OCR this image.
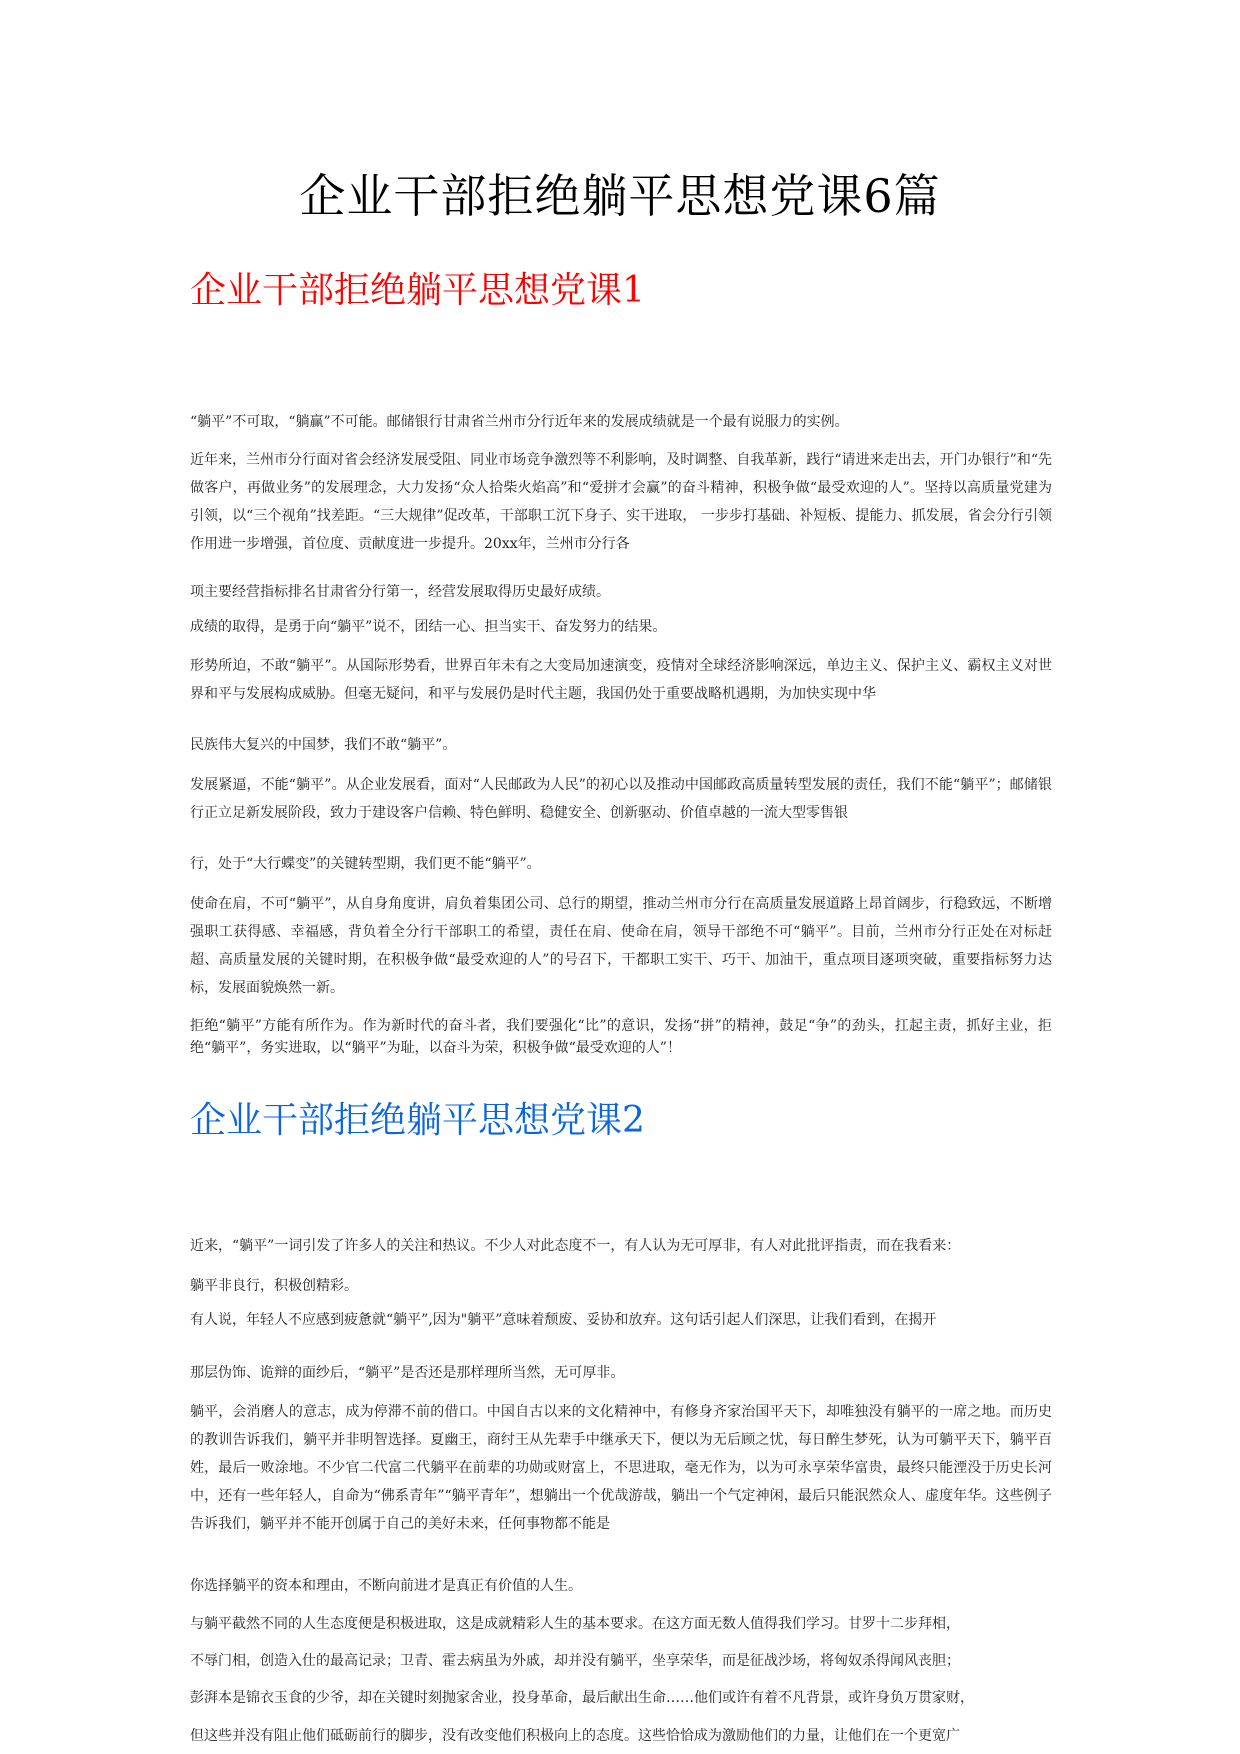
企业干部拒绝躺平思想党课6篇
企业干部拒绝躺平思想党课1

“躺平”不可取，“躺赢”不可能。邮储银行甘肃省兰州市分行近年来的发展成绩就是一个最有说服力的实例。

近年来，兰州市分行面对省会经济发展受阻、同业市场竞争激烈等不利影响，及时调整、自我革新，践行“请进来走出去，开门办银行”和“先做客户，再做业务”的发展理念，大力发扬“众人拾柴火焰高”和“爱拼才会赢”的奋斗精神，积极争做“最受欢迎的人”。坚持以高质量党建为引领，以“三个视角”找差距。“三大规律”促改革，干部职工沉下身子、实干进取， 一步步打基础、补短板、提能力、抓发展，省会分行引领作用进一步增强，首位度、贡献度进一步提升。20xx年，兰州市分行各

项主要经营指标排名甘肃省分行第一，经营发展取得历史最好成绩。

成绩的取得，是勇于向“躺平”说不，团结一心、担当实干、奋发努力的结果。

形势所迫，不敢“躺平”。从国际形势看，世界百年未有之大变局加速演变，疫情对全球经济影响深远，单边主义、保护主义、霸权主义对世界和平与发展构成威胁。但毫无疑问，和平与发展仍是时代主题，我国仍处于重要战略机遇期，为加快实现中华

民族伟大复兴的中国梦，我们不敢“躺平”。

发展紧逼，不能“躺平”。从企业发展看，面对“人民邮政为人民”的初心以及推动中国邮政高质量转型发展的责任，我们不能“躺平”；邮储银行正立足新发展阶段，致力于建设客户信赖、特色鲜明、稳健安全、创新驱动、价值卓越的一流大型零售银

行，处于“大行蝶变”的关键转型期，我们更不能“躺平”。

使命在肩，不可“躺平”，从自身角度讲，肩负着集团公司、总行的期望，推动兰州市分行在高质量发展道路上昂首阔步，行稳致远，不断增强职工获得感、幸福感，背负着全分行干部职工的希望，责任在肩、使命在肩，领导干部绝不可“躺平”。目前，兰州市分行正处在对标赶超、高质量发展的关键时期，在积极争做“最受欢迎的人”的号召下，干都职工实干、巧干、加油干，重点项目逐项突破，重要指标努力达标，发展面貌焕然一新。

拒绝“躺平”方能有所作为。作为新时代的奋斗者，我们要强化“比”的意识，发扬“拼”的精神，鼓足“争”的劲头，扛起主责，抓好主业，拒绝“躺平”，务实进取，以“躺平”为耻，以奋斗为荣，积极争做“最受欢迎的人”！

企业干部拒绝躺平思想党课2

近来，“躺平”一词引发了许多人的关注和热议。不少人对此态度不一，有人认为无可厚非，有人对此批评指责，而在我看来：

躺平非良行，积极创精彩。

有人说，年轻人不应感到疲惫就“躺平”,因为"躺平”意味着颓废、妥协和放弃。这句话引起人们深思，让我们看到，在揭开

那层伪饰、诡辩的面纱后，“躺平”是否还是那样理所当然，无可厚非。

躺平，会消磨人的意志，成为停滞不前的借口。中国自古以来的文化精神中，有修身齐家治国平天下，却唯独没有躺平的一席之地。而历史的教训告诉我们，躺平并非明智选择。夏幽王，商纣王从先辈手中继承天下，便以为无后顾之忧，每日醉生梦死，认为可躺平天下，躺平百姓，最后一败涂地。不少官二代富二代躺平在前辈的功勋或财富上，不思进取，毫无作为，以为可永享荣华富贵，最终只能湮没于历史长河中，还有一些年轻人，自命为“佛系青年”“躺平青年”，想躺出一个优哉游哉，躺出一个气定神闲，最后只能泯然众人、虚度年华。这些例子告诉我们，躺平并不能开创属于自己的美好未来，任何事物都不能是

你选择躺平的资本和理由，不断向前进才是真正有价值的人生。

与躺平截然不同的人生态度便是积极进取，这是成就精彩人生的基本要求。在这方面无数人值得我们学习。甘罗十二步拜相，

不辱门相，创造入仕的最高记录；卫青、霍去病虽为外戚，却并没有躺平，坐享荣华，而是征战沙场，将匈奴杀得闻风丧胆；

彭湃本是锦衣玉食的少爷，却在关键时刻抛家舍业，投身革命，最后献出生命……他们或许有着不凡背景，或许身负万贯家财，

但这些并没有阻止他们砥砺前行的脚步，没有改变他们积极向上的态度。这些恰恰成为激励他们的力量，让他们在一个更宽广
